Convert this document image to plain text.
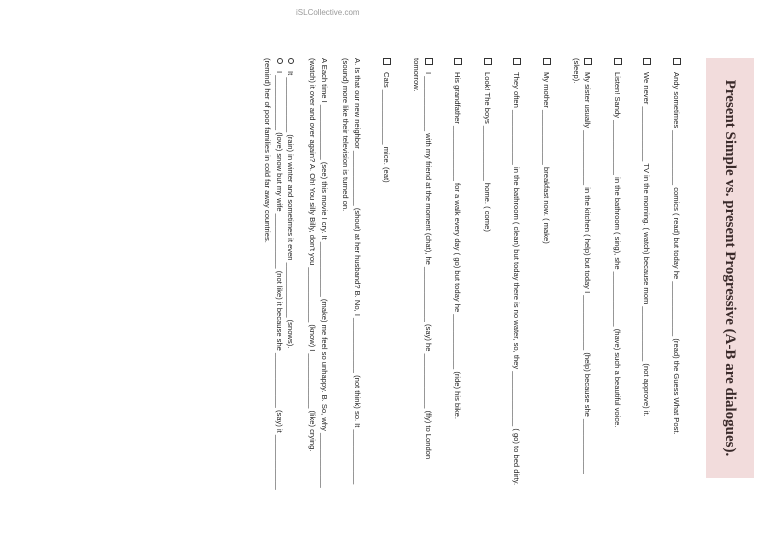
Present Simple vs. present Progressive (A-B are dialogues).
Andy sometimes _____________ comics ( read) but today he _____________ (read) the Guess What Post.
We never _____________ TV in the morning. ( watch) because mom _____________ (not approve) it.
Listen! Sandy _____________ in the bathroom ( sing), she _____________ (have) such a beautiful voice.
My sister usually _____________ in the kitchen ( help) but today I _____________ (help) because she _____________ (sleep).
My mother _____________ breakfast now. ( make)
They often _____________ in the bathroom ( clean) but today there is no water, so, they _____________ ( go) to bed dirty.
Look! The boys _____________ home. ( come)
His grandfather _____________ for a walk every day ( go) but today he _____________ (ride) his bike.
I _____________ with my friend at the moment (chat), he _____________ (say) he _____________ (fly) to London tomorrow.
Cats _____________ mice. (eat)
A. Is that our new neighbor _____________ (shout) at her husband? B. No, I _____________ (not think) so. It _____________ (sound) more like their television is turned on.
A Each time I _____________ (see) this movie I cry. It _____________ (make) me feel so unhappy. B. So, why _____________ (watch) it over and over again? A. Oh! You silly Billy, don't you _____________ (know) I _____________ (like) crying.
It _____________ (rain) in winter and sometimes it even _____________ (snows).
I _____________ (love) snow but my wife _____________ (not like) it because she _____________ (say) it _____________ (remind) her of poor families in cold far away countries.
iSLCollective.com
